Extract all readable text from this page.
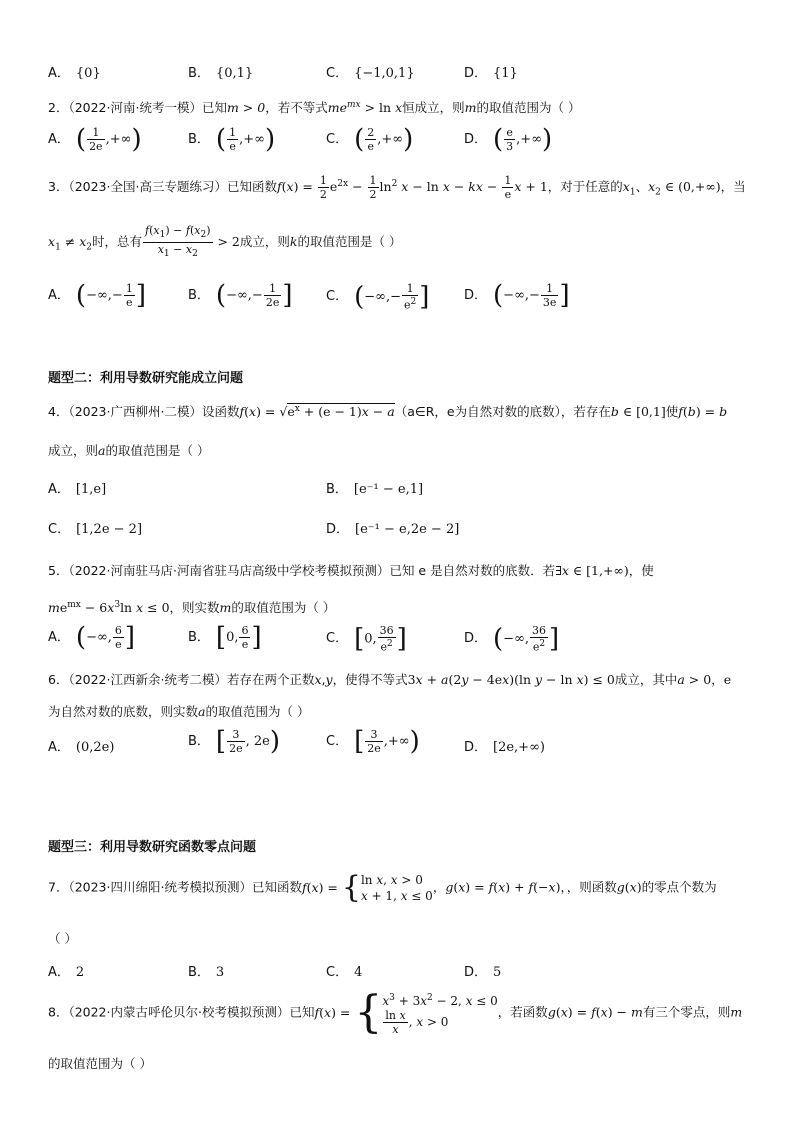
A． {0}	B． {0,1}	C． {−1,0,1}	D． {1}
2．（2022·河南·统考一模）已知m > 0，若不等式$me^{mx} > \ln x$恒成立，则m的取值范围为（ ）
A． ( $\frac{1}{2e}$ ,+∞)	B． ( $\frac{1}{e}$ ,+∞)	C． ( $\frac{2}{e}$ ,+∞)	D． ( $\frac{e}{3}$ ,+∞)
3．（2023·全国·高三专题练习）已知函数$f(x) = \frac{1}{2} e^{2x} - \frac{1}{2} \ln^2 x - \ln x$ − kx − $\frac{1}{e}$ x + 1，对于任意的$x_1$、$x_2$ ∈ (0,+∞)，当
$x_1 \ne x_2$时，总有 $\frac{f(x_1) - f(x_2)}{x_1 - x_2} > 2$成立，则k的取值范围是（ ）
A． (−∞,− $\frac{1}{e}$ ]	B． (−∞,− $\frac{1}{2e}$ ]	C． (−∞,− $\frac{1}{e^2}$ ]	D． (−∞,− $\frac{1}{3e}$ ]
题型二：利用导数研究能成立问题
4．（2023·广西柳州·二模）设函数$f(x) = √e^x + (e - 1)x$ − a（a∈R，e为自然对数的底数），若存在b ∈ [0,1]使f(b) = b
成立，则a的取值范围是（ ）
A． [1,e]	B． [e⁻¹ − e,1]
C． [1,2e − 2]	D． [e⁻¹ − e,2e − 2]
5．（2022·河南驻马店·河南省驻马店高级中学校考模拟预测）已知 e 是自然对数的底数．若∃x ∈ [1,+∞)，使
$me^{mx} - 6x^3\ln$ x ≤ 0，则实数m的取值范围为（ ）
A． (−∞, $\frac{6}{e}$ ]	B． [0, $\frac{6}{e}$ ]	C． [0, $\frac{36}{e^2}$ ]	D． (−∞, $\frac{36}{e^2}$ ]
6．（2022·江西新余·统考二模）若存在两个正数x,y，使得不等式3x + a(2y − 4ex)(ln y − ln x) ≤ 0成立，其中a > 0，e
为自然对数的底数，则实数a的取值范围为（ ）
A． (0,2e)	B． [ $\frac{3}{2e}$ , 2e)	C． [ $\frac{3}{2e}$ ,+∞)	D． [2e,+∞)
题型三：利用导数研究函数零点问题
7．（2023·四川绵阳·统考模拟预测）已知函数f(x) = {ln x, x > 0
x + 1, x ≤ 0，g(x) = f(x) + f(−x)，，则函数g(x)的零点个数为
（ ）
A． 2	B． 3	C． 4	D． 5
8．（2022·内蒙古呼伦贝尔·校考模拟预测）已知$f(x) = \{x^3 + 3x^2 - 2$, x ≤ 0

$\frac{\text{ln x}}{x}$ , x > 0，若函数g(x) = f(x) − m有三个零点，则m
的取值范围为（ ）
